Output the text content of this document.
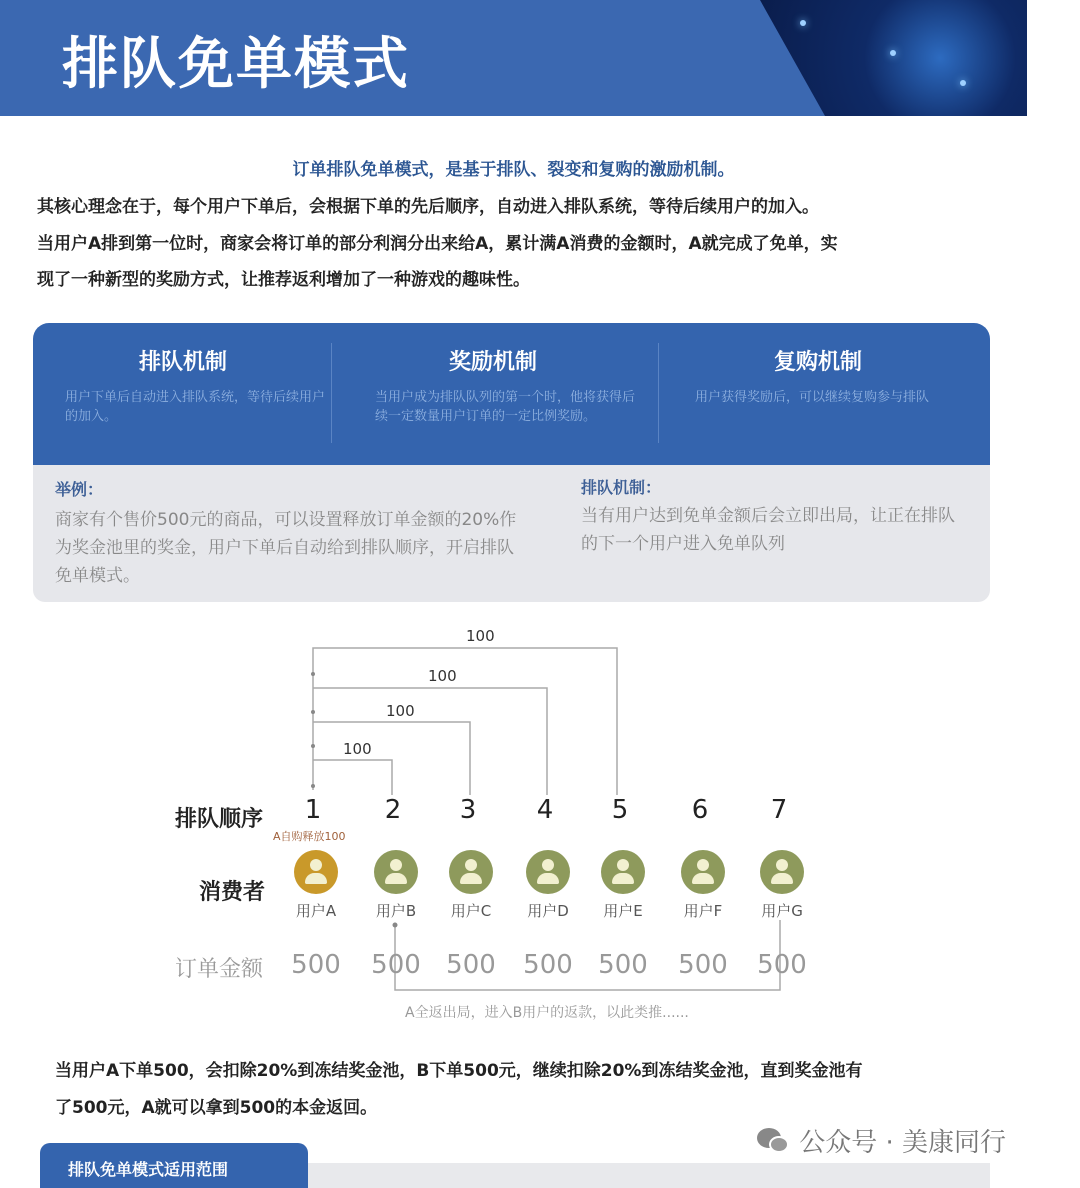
排队免单模式
订单排队免单模式，是基于排队、裂变和复购的激励机制。
其核心理念在于，每个用户下单后，会根据下单的先后顺序，自动进入排队系统，等待后续用户的加入。
当用户A排到第一位时，商家会将订单的部分利润分出来给A，累计满A消费的金额时，A就完成了免单，实
现了一种新型的奖励方式，让推荐返利增加了一种游戏的趣味性。
排队机制

用户下单后自动进入排队系统，等待后续用户的加入。

奖励机制

当用户成为排队队列的第一个时，他将获得后续一定数量用户订单的一定比例奖励。

复购机制

用户获得奖励后，可以继续复购参与排队

举例：
商家有个售价500元的商品，可以设置释放订单金额的20%作为奖金池里的奖金，用户下单后自动给到排队顺序，开启排队免单模式。
排队机制：
当有用户达到免单金额后会立即出局，让正在排队的下一个用户进入免单队列
100
100
100
100
排队顺序
消费者
订单金额
A自购释放100
1
用户A
500
2
用户B
500
3
用户C
500
4
用户D
500
5
用户E
500
6
用户F
500
7
用户G
500
A全返出局，进入B用户的返款，以此类推......
当用户A下单500，会扣除20%到冻结奖金池，B下单500元，继续扣除20%到冻结奖金池，直到奖金池有
了500元，A就可以拿到500的本金返回。
排队免单模式适用范围
公众号 · 美康同行
